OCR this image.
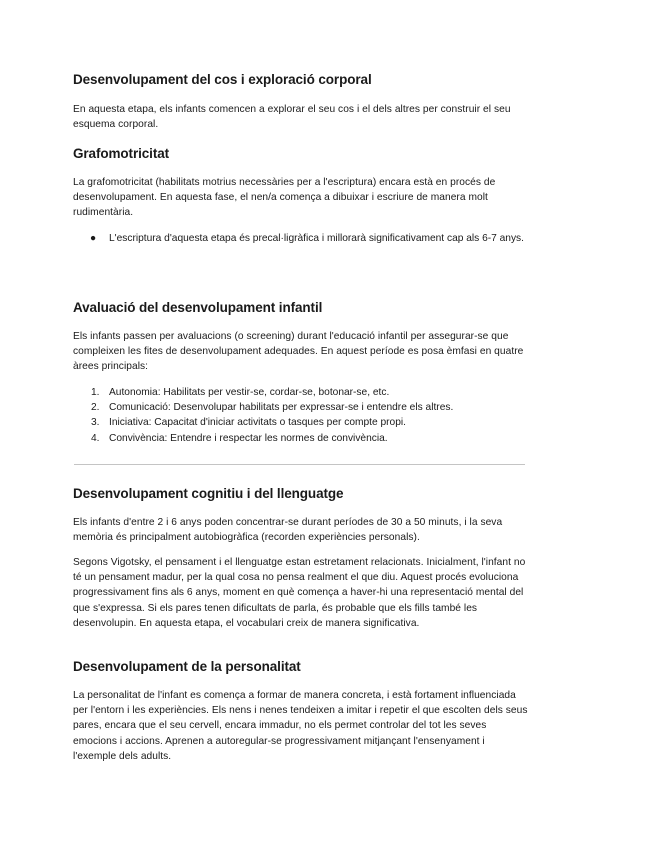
Desenvolupament del cos i exploració corporal

En aquesta etapa, els infants comencen a explorar el seu cos i el dels altres per construir el seu esquema corporal.

Grafomotricitat

La grafomotricitat (habilitats motrius necessàries per a l'escriptura) encara està en procés de desenvolupament. En aquesta fase, el nen/a comença a dibuixar i escriure de manera molt rudimentària.

● L'escriptura d'aquesta etapa és precal·ligràfica i millorarà significativament cap als 6-7 anys.
Avaluació del desenvolupament infantil

Els infants passen per avaluacions (o screening) durant l'educació infantil per assegurar-se que compleixen les fites de desenvolupament adequades. En aquest període es posa èmfasi en quatre àrees principals:

1. Autonomia: Habilitats per vestir-se, cordar-se, botonar-se, etc.
2. Comunicació: Desenvolupar habilitats per expressar-se i entendre els altres.
3. Iniciativa: Capacitat d'iniciar activitats o tasques per compte propi.
4. Convivència: Entendre i respectar les normes de convivència.
Desenvolupament cognitiu i del llenguatge

Els infants d'entre 2 i 6 anys poden concentrar-se durant períodes de 30 a 50 minuts, i la seva memòria és principalment autobiogràfica (recorden experiències personals).

Segons Vigotsky, el pensament i el llenguatge estan estretament relacionats. Inicialment, l'infant no té un pensament madur, per la qual cosa no pensa realment el que diu. Aquest procés evoluciona progressivament fins als 6 anys, moment en què comença a haver-hi una representació mental del que s'expressa. Si els pares tenen dificultats de parla, és probable que els fills també les desenvolupin. En aquesta etapa, el vocabulari creix de manera significativa.

Desenvolupament de la personalitat

La personalitat de l'infant es comença a formar de manera concreta, i està fortament influenciada per l'entorn i les experiències. Els nens i nenes tendeixen a imitar i repetir el que escolten dels seus pares, encara que el seu cervell, encara immadur, no els permet controlar del tot les seves emocions i accions. Aprenen a autoregular-se progressivament mitjançant l'ensenyament i l'exemple dels adults.
